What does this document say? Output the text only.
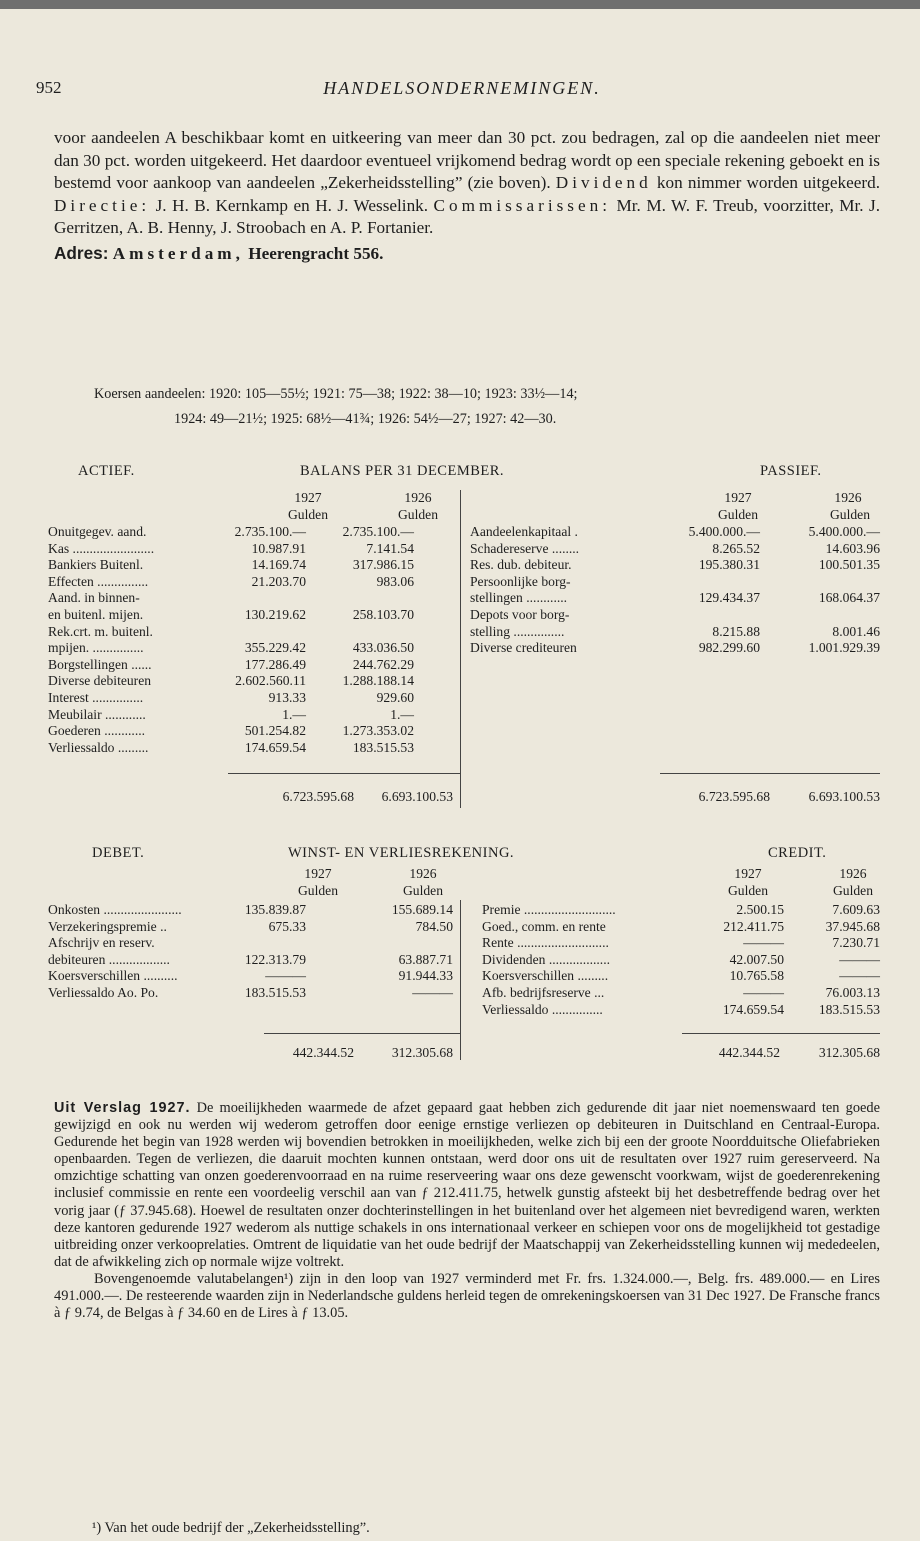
952	HANDELSONDERNEMINGEN.

voor aandeelen A beschikbaar komt en uitkeering van meer dan 30 pct. zou bedragen, zal op die aandeelen niet meer dan 30 pct. worden uitgekeerd. Het daardoor eventueel vrijkomend bedrag wordt op een speciale rekening geboekt en is bestemd voor aankoop van aandeelen „Zekerheidsstelling” (zie boven). Dividend kon nimmer worden uitgekeerd. Directie: J. H. B. Kernkamp en H. J. Wesselink. Commissarissen: Mr. M. W. F. Treub, voorzitter, Mr. J. Gerritzen, A. B. Henny, J. Stroobach en A. P. Fortanier.

Adres: Amsterdam, Heerengracht 556.

Koersen aandeelen: 1920: 105—55½; 1921: 75—38; 1922: 38—10; 1923: 33½—14;
1924: 49—21½; 1925: 68½—41¾; 1926: 54½—27; 1927: 42—30.
ACTIEF.	BALANS PER 31 DECEMBER.	PASSIEF.
1927	1926	1927	1926
Gulden	Gulden	Gulden	Gulden
Onuitgegev. aand.	2.735.100.—	2.735.100.—
Kas ........................	10.987.91	7.141.54
Bankiers Buitenl.	14.169.74	317.986.15
Effecten ...............	21.203.70	983.06
Aand. in binnen-
en buitenl. mijen.	130.219.62	258.103.70
Rek.crt. m. buitenl.
mpijen. ...............	355.229.42	433.036.50
Borgstellingen ......	177.286.49	244.762.29
Diverse debiteuren	2.602.560.11	1.288.188.14
Interest ...............	913.33	929.60
Meubilair ............	1.—	1.—
Goederen ............	501.254.82	1.273.353.02
Verliessaldo .........	174.659.54	183.515.53
Aandeelenkapitaal .	5.400.000.—	5.400.000.—
Schadereserve ........	8.265.52	14.603.96
Res. dub. debiteur.	195.380.31	100.501.35
Persoonlijke borg-
stellingen ............	129.434.37	168.064.37
Depots voor borg-
stelling ...............	8.215.88	8.001.46
Diverse crediteuren	982.299.60	1.001.929.39
6.723.595.68	6.693.100.53	6.723.595.68	6.693.100.53
DEBET.	WINST- EN VERLIESREKENING.	CREDIT.
1927	1926	1927	1926
Gulden	Gulden	Gulden	Gulden
Onkosten .......................	135.839.87	155.689.14
Verzekeringspremie ..	675.33	784.50
Afschrijv en reserv.
debiteuren ..................	122.313.79	63.887.71
Koersverschillen ..........	———	91.944.33
Verliessaldo Ao. Po.	183.515.53	———
Premie ...........................	2.500.15	7.609.63
Goed., comm. en rente	212.411.75	37.945.68
Rente ...........................	———	7.230.71
Dividenden ..................	42.007.50	———
Koersverschillen .........	10.765.58	———
Afb. bedrijfsreserve ...	———	76.003.13
Verliessaldo ...............	174.659.54	183.515.53
442.344.52	312.305.68	442.344.52	312.305.68

Uit Verslag 1927. De moeilijkheden waarmede de afzet gepaard gaat hebben zich gedurende dit jaar niet noemenswaard ten goede gewijzigd en ook nu werden wij wederom getroffen door eenige ernstige verliezen op debiteuren in Duitschland en Centraal-Europa. Gedurende het begin van 1928 werden wij bovendien betrokken in moeilijkheden, welke zich bij een der groote Noordduitsche Oliefabrieken openbaarden. Tegen de verliezen, die daaruit mochten kunnen ontstaan, werd door ons uit de resultaten over 1927 ruim gereserveerd. Na omzichtige schatting van onzen goederenvoorraad en na ruime reserveering waar ons deze gewenscht voorkwam, wijst de goederenrekening inclusief commissie en rente een voordeelig verschil aan van ƒ 212.411.75, hetwelk gunstig afsteekt bij het desbetreffende bedrag over het vorig jaar (ƒ 37.945.68). Hoewel de resultaten onzer dochterinstellingen in het buitenland over het algemeen niet bevredigend waren, werkten deze kantoren gedurende 1927 wederom als nuttige schakels in ons internationaal verkeer en schiepen voor ons de mogelijkheid tot gestadige uitbreiding onzer verkooprelaties. Omtrent de liquidatie van het oude bedrijf der Maatschappij van Zekerheidsstelling kunnen wij mededeelen, dat de afwikkeling zich op normale wijze voltrekt.

Bovengenoemde valutabelangen¹) zijn in den loop van 1927 verminderd met Fr. frs. 1.324.000.—, Belg. frs. 489.000.— en Lires 491.000.—. De resteerende waarden zijn in Nederlandsche guldens herleid tegen de omrekeningskoersen van 31 Dec 1927. De Fransche francs à ƒ 9.74, de Belgas à ƒ 34.60 en de Lires à ƒ 13.05.

¹) Van het oude bedrijf der „Zekerheidsstelling”.
